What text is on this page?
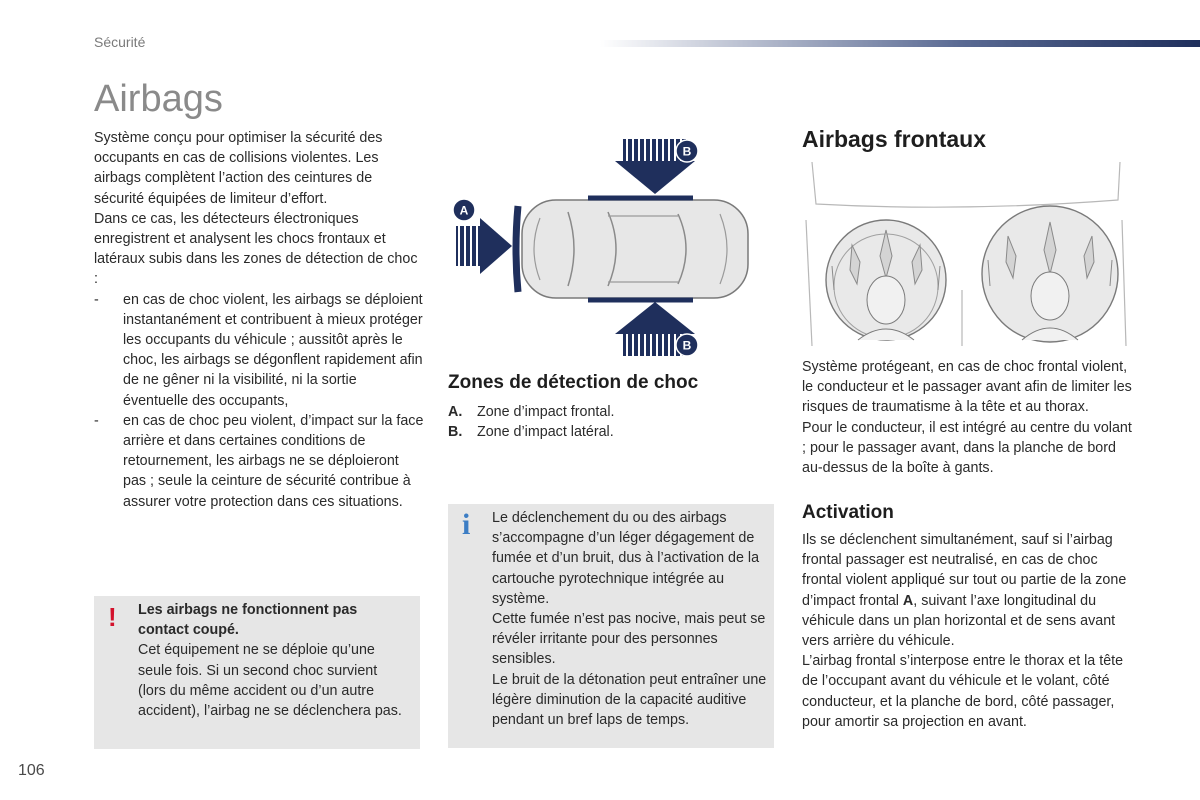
Sécurité
Airbags

Système conçu pour optimiser la sécurité des occupants en cas de collisions violentes. Les airbags complètent l’action des ceintures de sécurité équipées de limiteur d’effort.

Dans ce cas, les détecteurs électroniques enregistrent et analysent les chocs frontaux et latéraux subis dans les zones de détection de choc :

- en cas de choc violent, les airbags se déploient instantanément et contribuent à mieux protéger les occupants du véhicule ; aussitôt après le choc, les airbags se dégonflent rapidement afin de ne gêner ni la visibilité, ni la sortie éventuelle des occupants,
- en cas de choc peu violent, d’impact sur la face arrière et dans certaines conditions de retournement, les airbags ne se déploieront pas ; seule la ceinture de sécurité contribue à assurer votre protection dans ces situations.
! Les airbags ne fonctionnent pas contact coupé.
Cet équipement ne se déploie qu’une seule fois. Si un second choc survient (lors du même accident ou d’un autre accident), l’airbag ne se déclenchera pas.
A
B
B
Zones de détection de choc
A.	Zone d’impact frontal.
B.	Zone d’impact latéral.
i Le déclenchement du ou des airbags s’accompagne d’un léger dégagement de fumée et d’un bruit, dus à l’activation de la cartouche pyrotechnique intégrée au système.
Cette fumée n’est pas nocive, mais peut se révéler irritante pour des personnes sensibles.
Le bruit de la détonation peut entraîner une légère diminution de la capacité auditive pendant un bref laps de temps.
Airbags frontaux
Système protégeant, en cas de choc frontal violent, le conducteur et le passager avant afin de limiter les risques de traumatisme à la tête et au thorax.
Pour le conducteur, il est intégré au centre du volant ; pour le passager avant, dans la planche de bord au-dessus de la boîte à gants.
Activation
Ils se déclenchent simultanément, sauf si l’airbag frontal passager est neutralisé, en cas de choc frontal violent appliqué sur tout ou partie de la zone d’impact frontal A, suivant l’axe longitudinal du véhicule dans un plan horizontal et de sens avant vers arrière du véhicule.
L’airbag frontal s’interpose entre le thorax et la tête de l’occupant avant du véhicule et le volant, côté conducteur, et la planche de bord, côté passager, pour amortir sa projection en avant.
106
